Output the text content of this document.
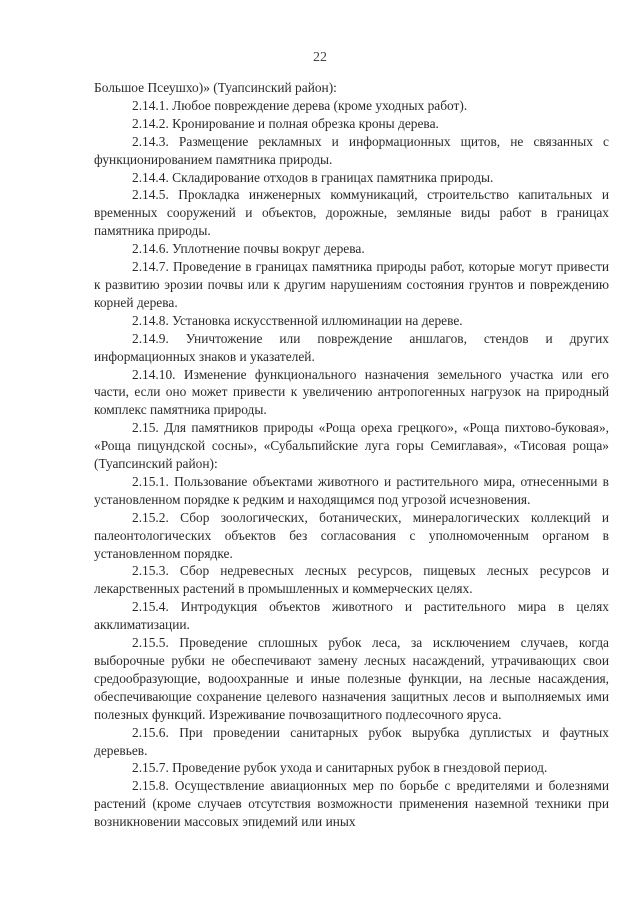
22

Большое Псеушхо)» (Туапсинский район):

2.14.1. Любое повреждение дерева (кроме уходных работ).

2.14.2. Кронирование и полная обрезка кроны дерева.

2.14.3. Размещение рекламных и информационных щитов, не связанных с функционированием памятника природы.

2.14.4. Складирование отходов в границах памятника природы.

2.14.5. Прокладка инженерных коммуникаций, строительство капитальных и временных сооружений и объектов, дорожные, земляные виды работ в границах памятника природы.

2.14.6. Уплотнение почвы вокруг дерева.

2.14.7. Проведение в границах памятника природы работ, которые могут привести к развитию эрозии почвы или к другим нарушениям состояния грунтов и повреждению корней дерева.

2.14.8. Установка искусственной иллюминации на дереве.

2.14.9. Уничтожение или повреждение аншлагов, стендов и других информационных знаков и указателей.

2.14.10. Изменение функционального назначения земельного участка или его части, если оно может привести к увеличению антропогенных нагрузок на природный комплекс памятника природы.

2.15. Для памятников природы «Роща ореха грецкого», «Роща пихтово-буковая», «Роща пицундской сосны», «Субальпийские луга горы Семиглавая», «Тисовая роща» (Туапсинский район):

2.15.1. Пользование объектами животного и растительного мира, отнесенными в установленном порядке к редким и находящимся под угрозой исчезновения.

2.15.2. Сбор зоологических, ботанических, минералогических коллекций и палеонтологических объектов без согласования с уполномоченным органом в установленном порядке.

2.15.3. Сбор недревесных лесных ресурсов, пищевых лесных ресурсов и лекарственных растений в промышленных и коммерческих целях.

2.15.4. Интродукция объектов животного и растительного мира в целях акклиматизации.

2.15.5. Проведение сплошных рубок леса, за исключением случаев, когда выборочные рубки не обеспечивают замену лесных насаждений, утрачивающих свои средообразующие, водоохранные и иные полезные функции, на лесные насаждения, обеспечивающие сохранение целевого назначения защитных лесов и выполняемых ими полезных функций. Изреживание почвозащитного подлесочного яруса.

2.15.6. При проведении санитарных рубок вырубка дуплистых и фаутных деревьев.

2.15.7. Проведение рубок ухода и санитарных рубок в гнездовой период.

2.15.8. Осуществление авиационных мер по борьбе с вредителями и болезнями растений (кроме случаев отсутствия возможности применения наземной техники при возникновении массовых эпидемий или иных
